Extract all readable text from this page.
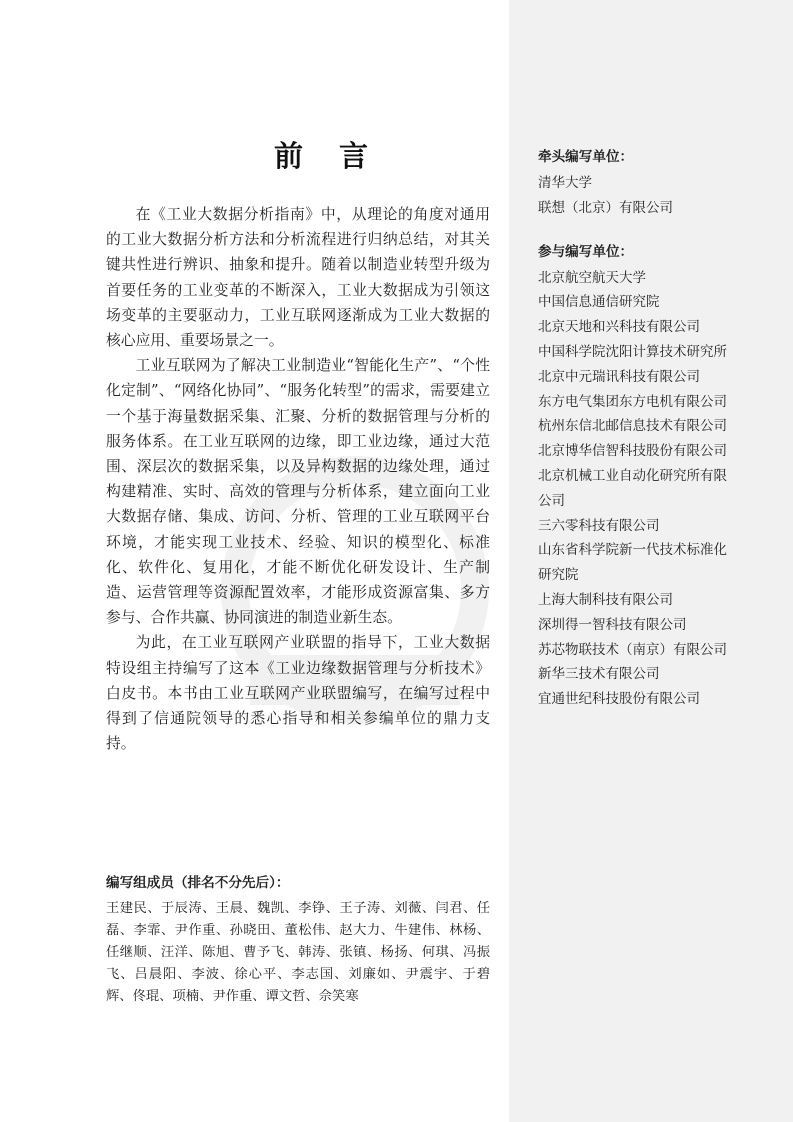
前言

在《工业大数据分析指南》中，从理论的角度对通用的工业大数据分析方法和分析流程进行归纳总结，对其关键共性进行辨识、抽象和提升。随着以制造业转型升级为首要任务的工业变革的不断深入，工业大数据成为引领这场变革的主要驱动力，工业互联网逐渐成为工业大数据的核心应用、重要场景之一。

工业互联网为了解决工业制造业“智能化生产”、“个性化定制”、“网络化协同”、“服务化转型”的需求，需要建立一个基于海量数据采集、汇聚、分析的数据管理与分析的服务体系。在工业互联网的边缘，即工业边缘，通过大范围、深层次的数据采集，以及异构数据的边缘处理，通过构建精准、实时、高效的管理与分析体系，建立面向工业大数据存储、集成、访问、分析、管理的工业互联网平台环境，才能实现工业技术、经验、知识的模型化、标准化、软件化、复用化，才能不断优化研发设计、生产制造、运营管理等资源配置效率，才能形成资源富集、多方参与、合作共赢、协同演进的制造业新生态。

为此，在工业互联网产业联盟的指导下，工业大数据特设组主持编写了这本《工业边缘数据管理与分析技术》白皮书。本书由工业互联网产业联盟编写，在编写过程中得到了信通院领导的悉心指导和相关参编单位的鼎力支持。

编写组成员（排名不分先后）：
王建民、于辰涛、王晨、魏凯、李铮、王子涛、刘薇、闫君、任磊、李霏、尹作重、孙晓田、董松伟、赵大力、牛建伟、林杨、任继顺、汪洋、陈旭、曹予飞、韩涛、张镇、杨扬、何琪、冯振飞、吕晨阳、李波、徐心平、李志国、刘廉如、尹震宇、于碧辉、佟琨、项楠、尹作重、谭文哲、佘笑寒
牵头编写单位：
清华大学
联想（北京）有限公司
参与编写单位：
北京航空航天大学
中国信息通信研究院
北京天地和兴科技有限公司
中国科学院沈阳计算技术研究所
北京中元瑞讯科技有限公司
东方电气集团东方电机有限公司
杭州东信北邮信息技术有限公司
北京博华信智科技股份有限公司
北京机械工业自动化研究所有限
公司
三六零科技有限公司
山东省科学院新一代技术标准化
研究院
上海大制科技有限公司
深圳得一智科技有限公司
苏芯物联技术（南京）有限公司
新华三技术有限公司
宜通世纪科技股份有限公司
